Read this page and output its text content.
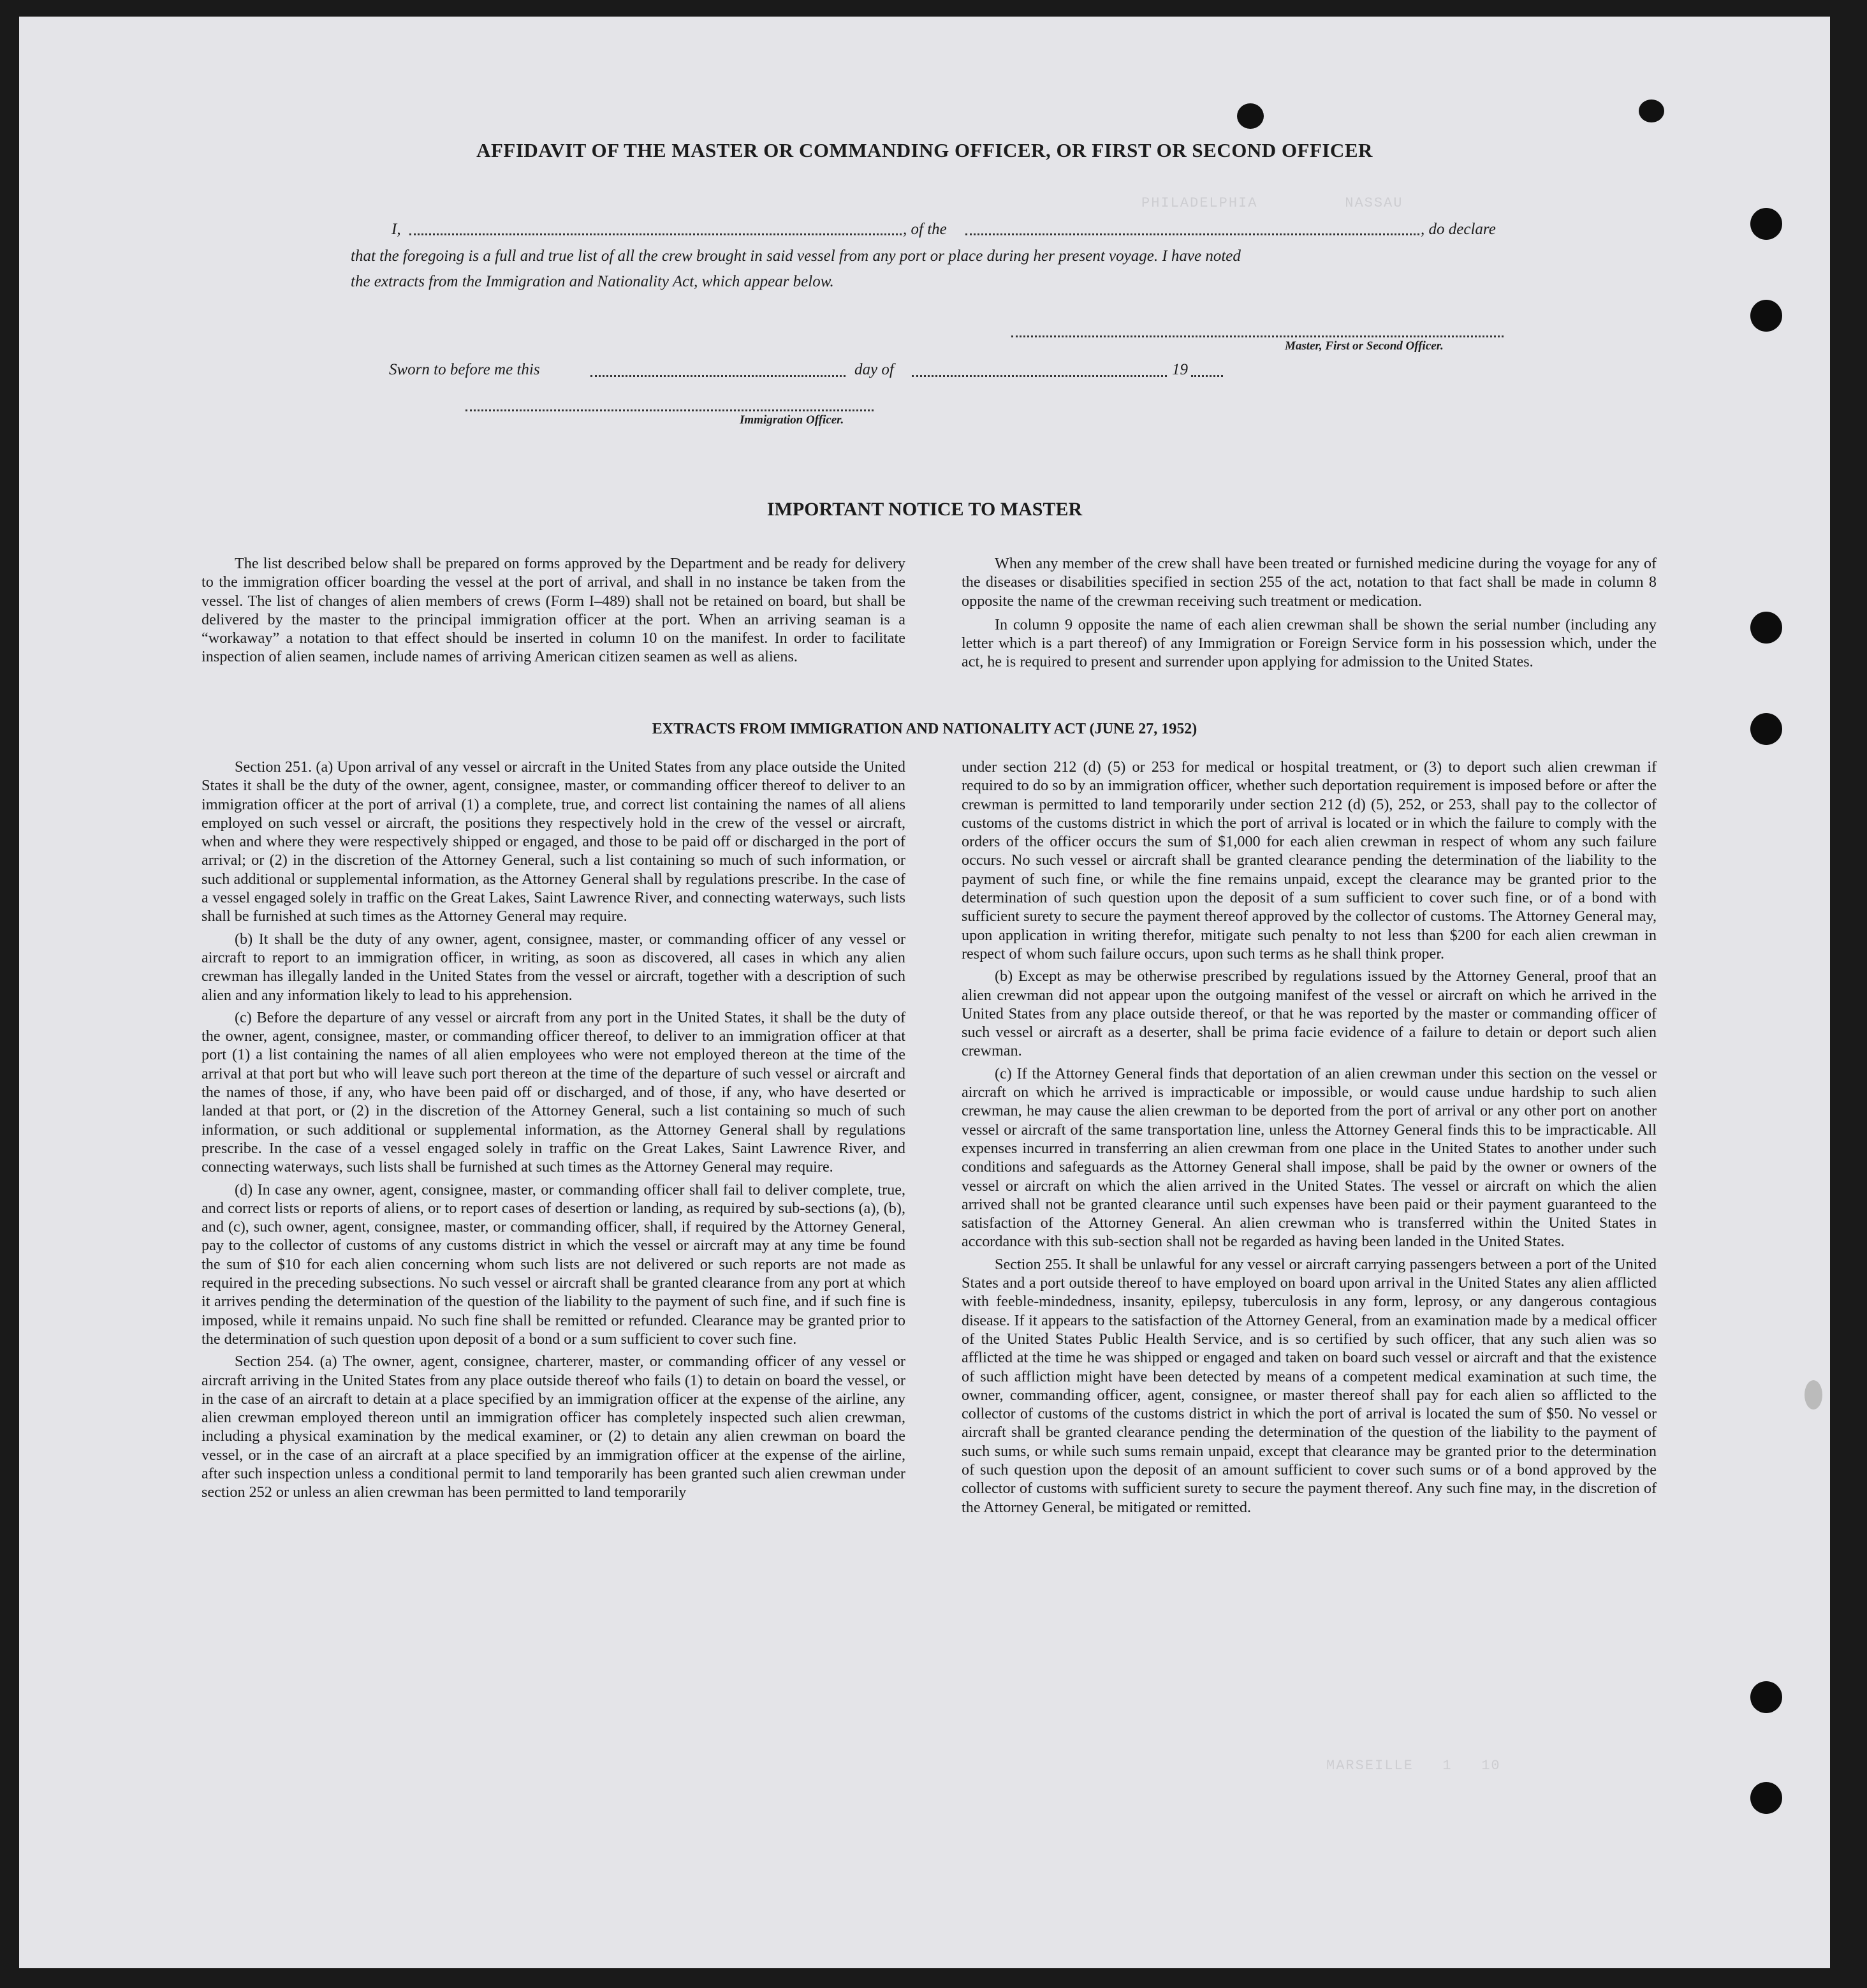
PHILADELPHIA         NASSAU
MARSEILLE   1   10
AFFIDAVIT OF THE MASTER OR COMMANDING OFFICER, OR FIRST OR SECOND OFFICER
I,	, of the	, do declare
that the foregoing is a full and true list of all the crew brought in said vessel from any port or place during her present voyage. I have noted
the extracts from the Immigration and Nationality Act, which appear below.
Master, First or Second Officer.
Sworn to before me this	day of	19
Immigration Officer.
IMPORTANT NOTICE TO MASTER

The list described below shall be prepared on forms approved by the Department and be ready for delivery to the immigration officer boarding the vessel at the port of arrival, and shall in no instance be taken from the vessel. The list of changes of alien members of crews (Form I–489) shall not be retained on board, but shall be delivered by the master to the principal immigration officer at the port. When an arriving seaman is a “workaway” a notation to that effect should be inserted in column 10 on the manifest. In order to facilitate inspection of alien seamen, include names of arriving American citizen seamen as well as aliens.

When any member of the crew shall have been treated or furnished medicine during the voyage for any of the diseases or disabilities specified in section 255 of the act, notation to that fact shall be made in column 8 opposite the name of the crewman receiving such treatment or medication.

In column 9 opposite the name of each alien crewman shall be shown the serial number (including any letter which is a part thereof) of any Immigration or Foreign Service form in his possession which, under the act, he is required to present and surrender upon applying for admission to the United States.

EXTRACTS FROM IMMIGRATION AND NATIONALITY ACT (JUNE 27, 1952)

Section 251. (a) Upon arrival of any vessel or aircraft in the United States from any place outside the United States it shall be the duty of the owner, agent, consignee, master, or commanding officer thereof to deliver to an immigration officer at the port of arrival (1) a complete, true, and correct list containing the names of all aliens employed on such vessel or aircraft, the positions they respectively hold in the crew of the vessel or aircraft, when and where they were respectively shipped or engaged, and those to be paid off or discharged in the port of arrival; or (2) in the discretion of the Attorney General, such a list containing so much of such information, or such additional or supplemental information, as the Attorney General shall by regulations prescribe. In the case of a vessel engaged solely in traffic on the Great Lakes, Saint Lawrence River, and connecting waterways, such lists shall be furnished at such times as the Attorney General may require.

(b) It shall be the duty of any owner, agent, consignee, master, or commanding officer of any vessel or aircraft to report to an immigration officer, in writing, as soon as discovered, all cases in which any alien crewman has illegally landed in the United States from the vessel or aircraft, together with a description of such alien and any information likely to lead to his apprehension.

(c) Before the departure of any vessel or aircraft from any port in the United States, it shall be the duty of the owner, agent, consignee, master, or commanding officer thereof, to deliver to an immigration officer at that port (1) a list containing the names of all alien employees who were not employed thereon at the time of the arrival at that port but who will leave such port thereon at the time of the departure of such vessel or aircraft and the names of those, if any, who have been paid off or discharged, and of those, if any, who have deserted or landed at that port, or (2) in the discretion of the Attorney General, such a list containing so much of such information, or such additional or supplemental information, as the Attorney General shall by regulations prescribe. In the case of a vessel engaged solely in traffic on the Great Lakes, Saint Lawrence River, and connecting waterways, such lists shall be furnished at such times as the Attorney General may require.

(d) In case any owner, agent, consignee, master, or commanding officer shall fail to deliver complete, true, and correct lists or reports of aliens, or to report cases of desertion or landing, as required by sub-sections (a), (b), and (c), such owner, agent, consignee, master, or commanding officer, shall, if required by the Attorney General, pay to the collector of customs of any customs district in which the vessel or aircraft may at any time be found the sum of $10 for each alien concerning whom such lists are not delivered or such reports are not made as required in the preceding subsections. No such vessel or aircraft shall be granted clearance from any port at which it arrives pending the determination of the question of the liability to the payment of such fine, and if such fine is imposed, while it remains unpaid. No such fine shall be remitted or refunded. Clearance may be granted prior to the determination of such question upon deposit of a bond or a sum sufficient to cover such fine.

Section 254. (a) The owner, agent, consignee, charterer, master, or commanding officer of any vessel or aircraft arriving in the United States from any place outside thereof who fails (1) to detain on board the vessel, or in the case of an aircraft to detain at a place specified by an immigration officer at the expense of the airline, any alien crewman employed thereon until an immigration officer has completely inspected such alien crewman, including a physical examination by the medical examiner, or (2) to detain any alien crewman on board the vessel, or in the case of an aircraft at a place specified by an immigration officer at the expense of the airline, after such inspection unless a conditional permit to land temporarily has been granted such alien crewman under section 252 or unless an alien crewman has been permitted to land temporarily

under section 212 (d) (5) or 253 for medical or hospital treatment, or (3) to deport such alien crewman if required to do so by an immigration officer, whether such deportation requirement is imposed before or after the crewman is permitted to land temporarily under section 212 (d) (5), 252, or 253, shall pay to the collector of customs of the customs district in which the port of arrival is located or in which the failure to comply with the orders of the officer occurs the sum of $1,000 for each alien crewman in respect of whom any such failure occurs. No such vessel or aircraft shall be granted clearance pending the determination of the liability to the payment of such fine, or while the fine remains unpaid, except the clearance may be granted prior to the determination of such question upon the deposit of a sum sufficient to cover such fine, or of a bond with sufficient surety to secure the payment thereof approved by the collector of customs. The Attorney General may, upon application in writing therefor, mitigate such penalty to not less than $200 for each alien crewman in respect of whom such failure occurs, upon such terms as he shall think proper.

(b) Except as may be otherwise prescribed by regulations issued by the Attorney General, proof that an alien crewman did not appear upon the outgoing manifest of the vessel or aircraft on which he arrived in the United States from any place outside thereof, or that he was reported by the master or commanding officer of such vessel or aircraft as a deserter, shall be prima facie evidence of a failure to detain or deport such alien crewman.

(c) If the Attorney General finds that deportation of an alien crewman under this section on the vessel or aircraft on which he arrived is impracticable or impossible, or would cause undue hardship to such alien crewman, he may cause the alien crewman to be deported from the port of arrival or any other port on another vessel or aircraft of the same transportation line, unless the Attorney General finds this to be impracticable. All expenses incurred in transferring an alien crewman from one place in the United States to another under such conditions and safeguards as the Attorney General shall impose, shall be paid by the owner or owners of the vessel or aircraft on which the alien arrived in the United States. The vessel or aircraft on which the alien arrived shall not be granted clearance until such expenses have been paid or their payment guaranteed to the satisfaction of the Attorney General. An alien crewman who is transferred within the United States in accordance with this sub-section shall not be regarded as having been landed in the United States.

Section 255. It shall be unlawful for any vessel or aircraft carrying passengers between a port of the United States and a port outside thereof to have employed on board upon arrival in the United States any alien afflicted with feeble-mindedness, insanity, epilepsy, tuberculosis in any form, leprosy, or any dangerous contagious disease. If it appears to the satisfaction of the Attorney General, from an examination made by a medical officer of the United States Public Health Service, and is so certified by such officer, that any such alien was so afflicted at the time he was shipped or engaged and taken on board such vessel or aircraft and that the existence of such affliction might have been detected by means of a competent medical examination at such time, the owner, commanding officer, agent, consignee, or master thereof shall pay for each alien so afflicted to the collector of customs of the customs district in which the port of arrival is located the sum of $50. No vessel or aircraft shall be granted clearance pending the determination of the question of the liability to the payment of such sums, or while such sums remain unpaid, except that clearance may be granted prior to the determination of such question upon the deposit of an amount sufficient to cover such sums or of a bond approved by the collector of customs with sufficient surety to secure the payment thereof. Any such fine may, in the discretion of the Attorney General, be mitigated or remitted.
